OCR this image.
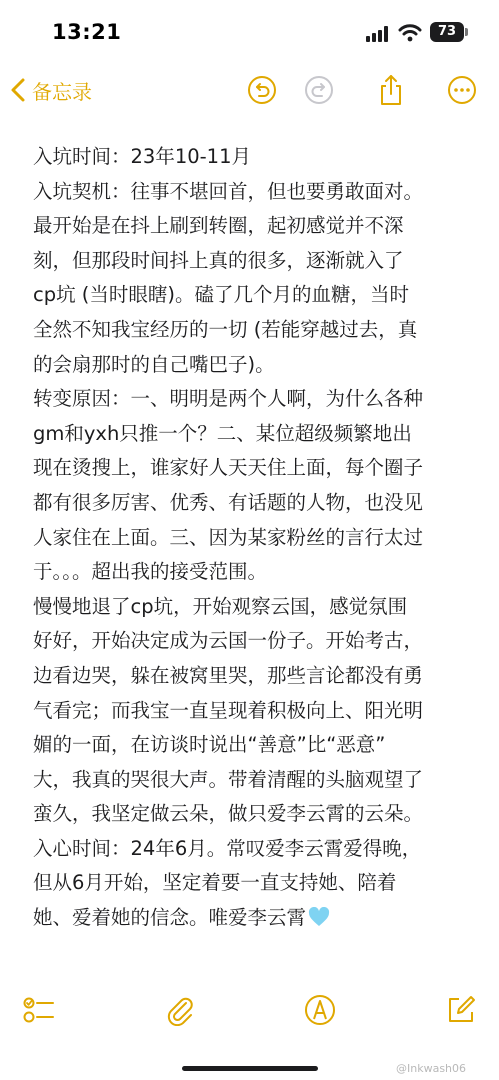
13:21	73
备忘录
入坑时间：23年10-11月
入坑契机：往事不堪回首，但也要勇敢面对。
最开始是在抖上刷到转圈，起初感觉并不深
刻，但那段时间抖上真的很多，逐渐就入了
cp坑 (当时眼瞎)。磕了几个月的血糖，当时
全然不知我宝经历的一切 (若能穿越过去，真
的会扇那时的自己嘴巴子)。
转变原因：一、明明是两个人啊，为什么各种
gm和yxh只推一个？二、某位超级频繁地出
现在烫搜上，谁家好人天天住上面，每个圈子
都有很多厉害、优秀、有话题的人物，也没见
人家住在上面。三、因为某家粉丝的言行太过
于。。。超出我的接受范围。
慢慢地退了cp坑，开始观察云国，感觉氛围
好好，开始决定成为云国一份子。开始考古，
边看边哭，躲在被窝里哭，那些言论都没有勇
气看完；而我宝一直呈现着积极向上、阳光明
媚的一面，在访谈时说出“善意”比“恶意”
大，我真的哭很大声。带着清醒的头脑观望了
蛮久，我坚定做云朵，做只爱李云霄的云朵。
入心时间：24年6月。常叹爱李云霄爱得晚，
但从6月开始，坚定着要一直支持她、陪着
她、爱着她的信念。唯爱李云霄
@Inkwash06
